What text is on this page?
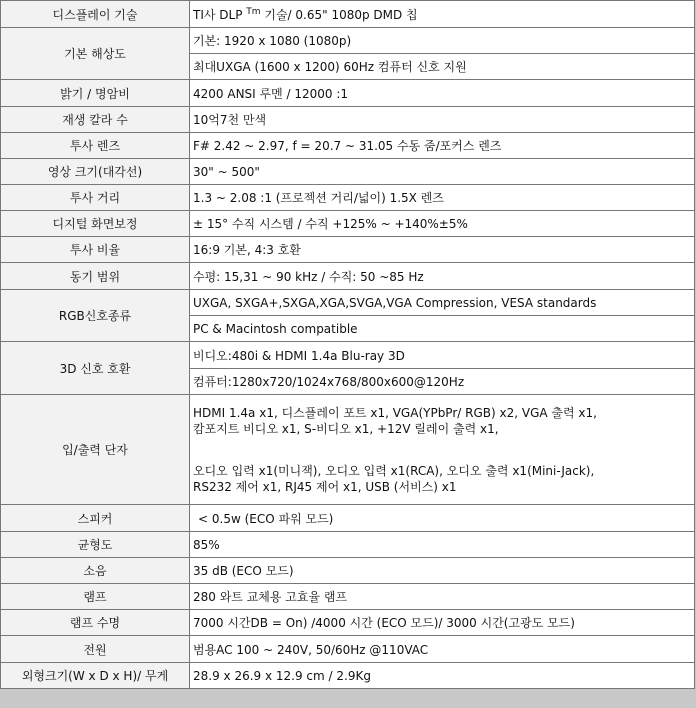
디스플레이 기술	TI사 DLP $^{Tm}$ 기술/ 0.65" 1080p DMD 칩
기본 해상도	기본: 1920 x 1080 (1080p)
	최대UXGA (1600 x 1200) 60Hz 컴퓨터 신호 지원
밝기 / 명암비	4200 ANSI 루멘 / 12000 :1
재생 칼라 수	10억7천 만색
투사 렌즈	F# 2.42 ~ 2.97, f = 20.7 ~ 31.05 수동 줌/포커스 렌즈
영상 크기(대각선)	30" ~ 500"
투사 거리	1.3 ~ 2.08 :1 (프로젝션 거리/넓이) 1.5X 렌즈
디지털 화면보정	± 15° 수직 시스템 / 수직 +125% ~ +140%±5%
투사 비율	16:9 기본, 4:3 호환
동기 범위	수평: 15,31 ~ 90 kHz / 수직: 50 ~85 Hz
RGB신호종류	UXGA, SXGA+,SXGA,XGA,SVGA,VGA Compression, VESA standards
	PC & Macintosh compatible
3D 신호 호환	비디오:480i & HDMI 1.4a Blu-ray 3D
	컴퓨터:1280x720/1024x768/800x600@120Hz
입/출력 단자	HDMI 1.4a x1, 디스플레이 포트 x1, VGA(YPbPr/ RGB) x2, VGA 출력 x1,
캄포지트 비디오 x1, S-비디오 x1, +12V 릴레이 출력 x1,
오디오 입력 x1(미니잭), 오디오 입력 x1(RCA), 오디오 출력 x1(Mini-Jack),
RS232 제어 x1, RJ45 제어 x1, USB (서비스) x1

스피커	< 0.5w (ECO 파워 모드)
균형도	85%
소음	35 dB (ECO 모드)
램프	280 와트 교체용 고효율 램프
램프 수명	7000 시간DB = On) /4000 시간 (ECO 모드)/ 3000 시간(고광도 모드)
전원	범용AC 100 ~ 240V, 50/60Hz @110VAC
외형크기(W x D x H)/ 무게	28.9 x 26.9 x 12.9 cm / 2.9Kg
